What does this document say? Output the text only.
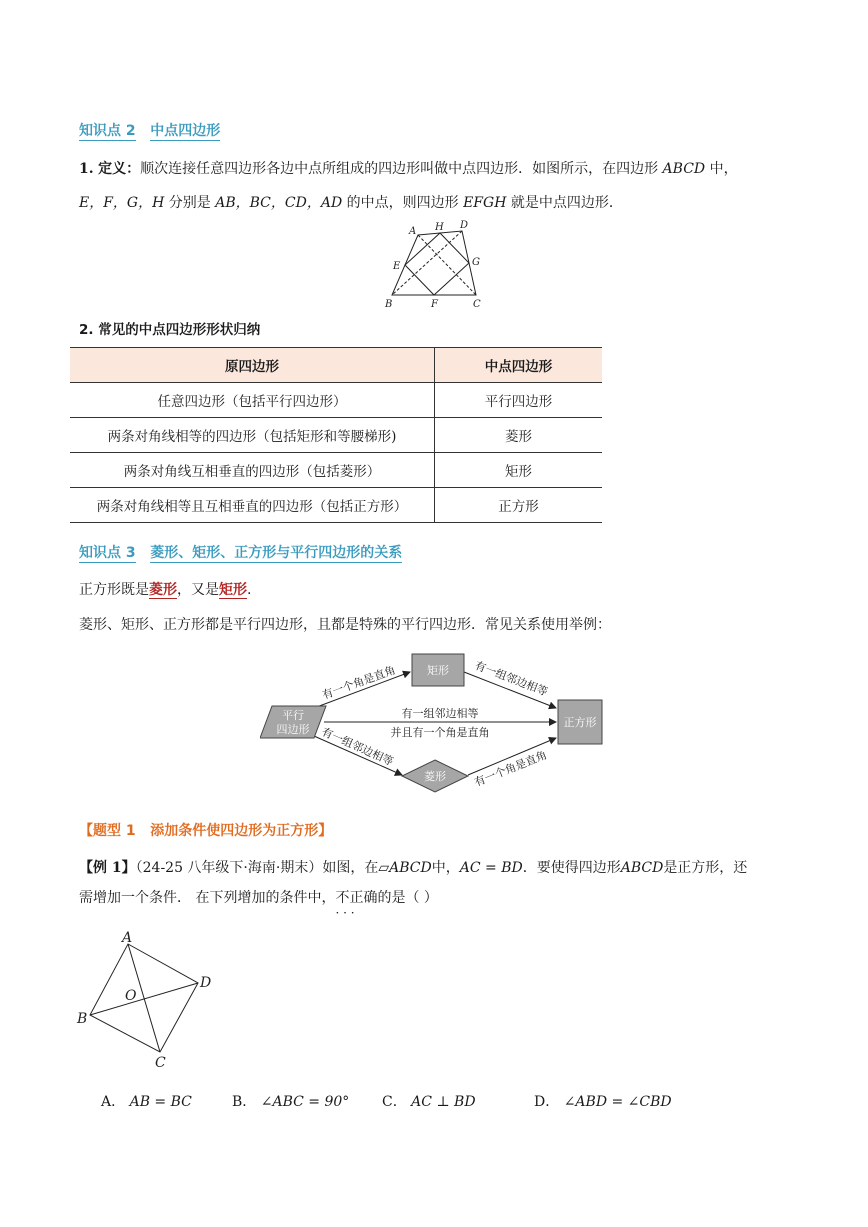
知识点 2 中点四边形
1. 定义：顺次连接任意四边形各边中点所组成的四边形叫做中点四边形．如图所示，在四边形 ABCD 中，
E，F，G，H 分别是 AB，BC，CD，AD 的中点，则四边形 EFGH 就是中点四边形．
A H D
E	G
B	F	C
2. 常见的中点四边形形状归纳
原四边形	中点四边形
任意四边形（包括平行四边形）	平行四边形
两条对角线相等的四边形（包括矩形和等腰梯形)	菱形
两条对角线互相垂直的四边形（包括菱形）	矩形
两条对角线相等且互相垂直的四边形（包括正方形）	正方形
知识点 3 菱形、矩形、正方形与平行四边形的关系
正方形既是菱形，又是矩形.
菱形、矩形、正方形都是平行四边形，且都是特殊的平行四边形．常见关系使用举例：
平行
四边形
矩形
正方形
菱形
有一个角是直角	有一组邻边相等
有一组邻边相等
并且有一个角是直角
有一组邻边相等
有一个角是直角
【题型 1 添加条件使四边形为正方形】
【例 1】（24-25 八年级下·海南·期末）如图，在▱ABCD中，AC = BD．要使得四边形ABCD是正方形，还
需增加一个条件． 在下列增加的条件中，不正确 · · ·的是（ ）
A
B
C
D
O
A． AB = BC	B． ∠ABC = 90° C． AC ⊥ BD	D． ∠ABD = ∠CBD
